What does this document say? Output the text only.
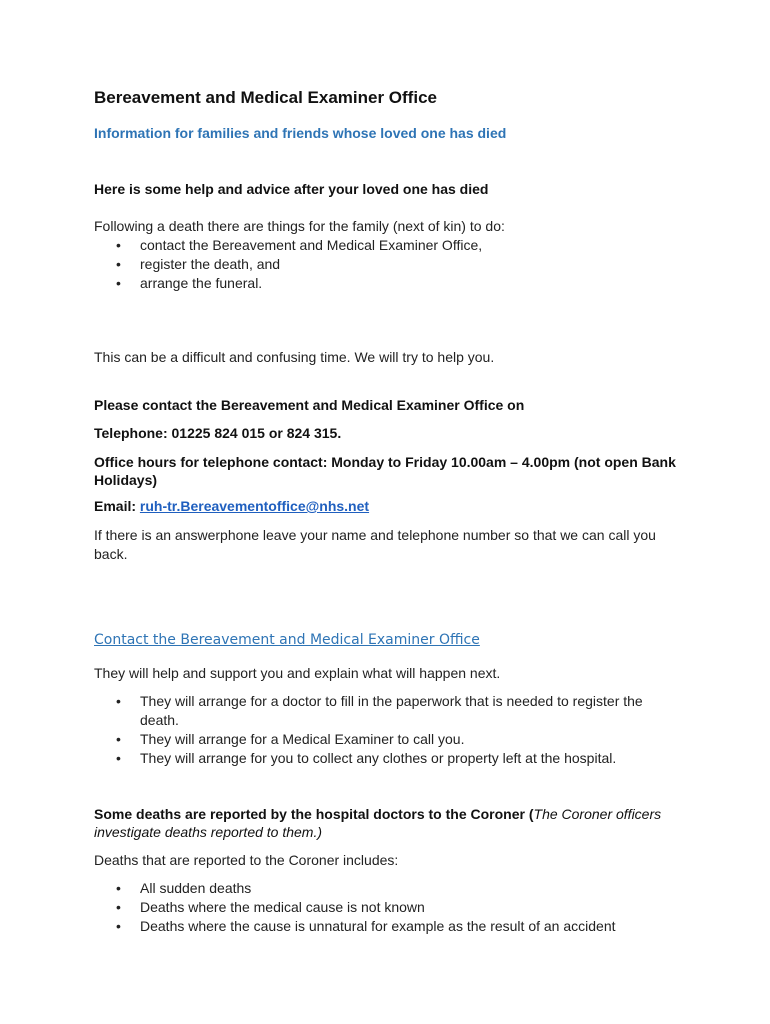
Bereavement and Medical Examiner Office
Information for families and friends whose loved one has died
Here is some help and advice after your loved one has died
Following a death there are things for the family (next of kin) to do:
• contact the Bereavement and Medical Examiner Office,
• register the death, and
• arrange the funeral.
This can be a difficult and confusing time. We will try to help you.
Please contact the Bereavement and Medical Examiner Office on
Telephone: 01225 824 015 or 824 315.
Office hours for telephone contact: Monday to Friday 10.00am – 4.00pm (not open Bank Holidays)
Email: ruh-tr.Bereavementoffice@nhs.net
If there is an answerphone leave your name and telephone number so that we can call you back.
Contact the Bereavement and Medical Examiner Office
They will help and support you and explain what will happen next.
• They will arrange for a doctor to fill in the paperwork that is needed to register the death.
• They will arrange for a Medical Examiner to call you.
• They will arrange for you to collect any clothes or property left at the hospital.
Some deaths are reported by the hospital doctors to the Coroner (The Coroner officers investigate deaths reported to them.)
Deaths that are reported to the Coroner includes:
• All sudden deaths
• Deaths where the medical cause is not known
• Deaths where the cause is unnatural for example as the result of an accident
